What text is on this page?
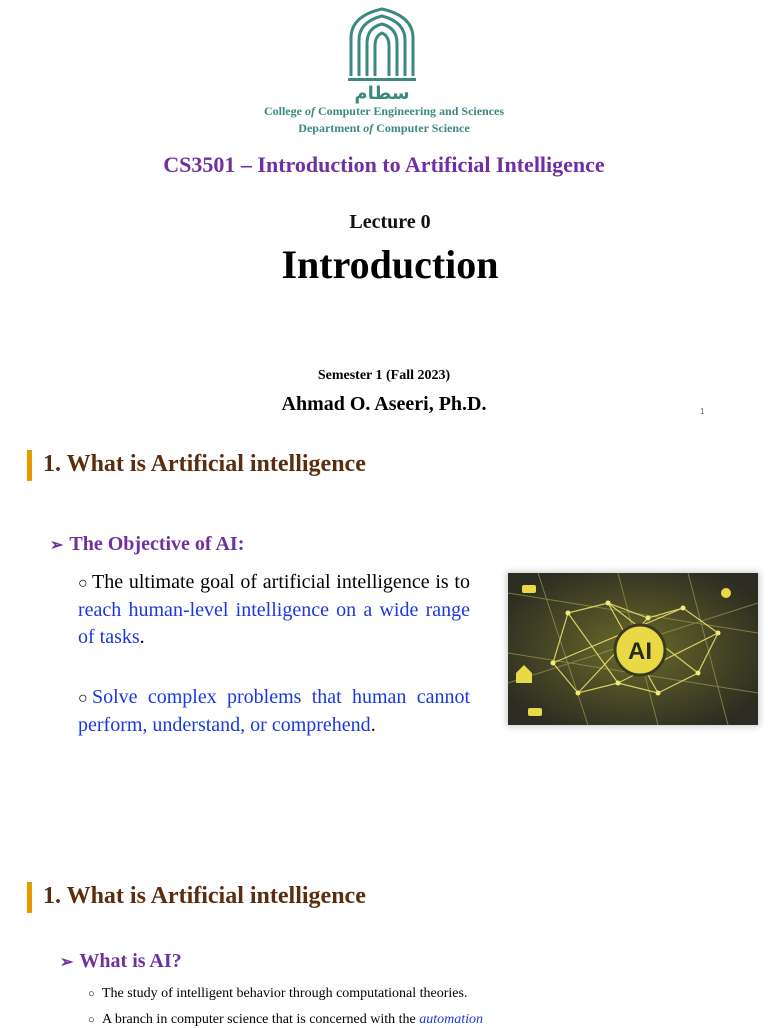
سطام
College of Computer Engineering and Sciences
Department of Computer Science
CS3501 – Introduction to Artificial Intelligence
Lecture 0
Introduction
Semester 1 (Fall 2023)
Ahmad O. Aseeri, Ph.D.	1
1. What is Artificial intelligence
➢ The Objective of AI:
○ The ultimate goal of artificial intelligence is to reach human-level intelligence on a wide range of tasks.
○ Solve complex problems that human cannot perform, understand, or comprehend.
AI
1. What is Artificial intelligence
➢ What is AI?
○ The study of intelligent behavior through computational theories.
○ A branch in computer science that is concerned with the automation
